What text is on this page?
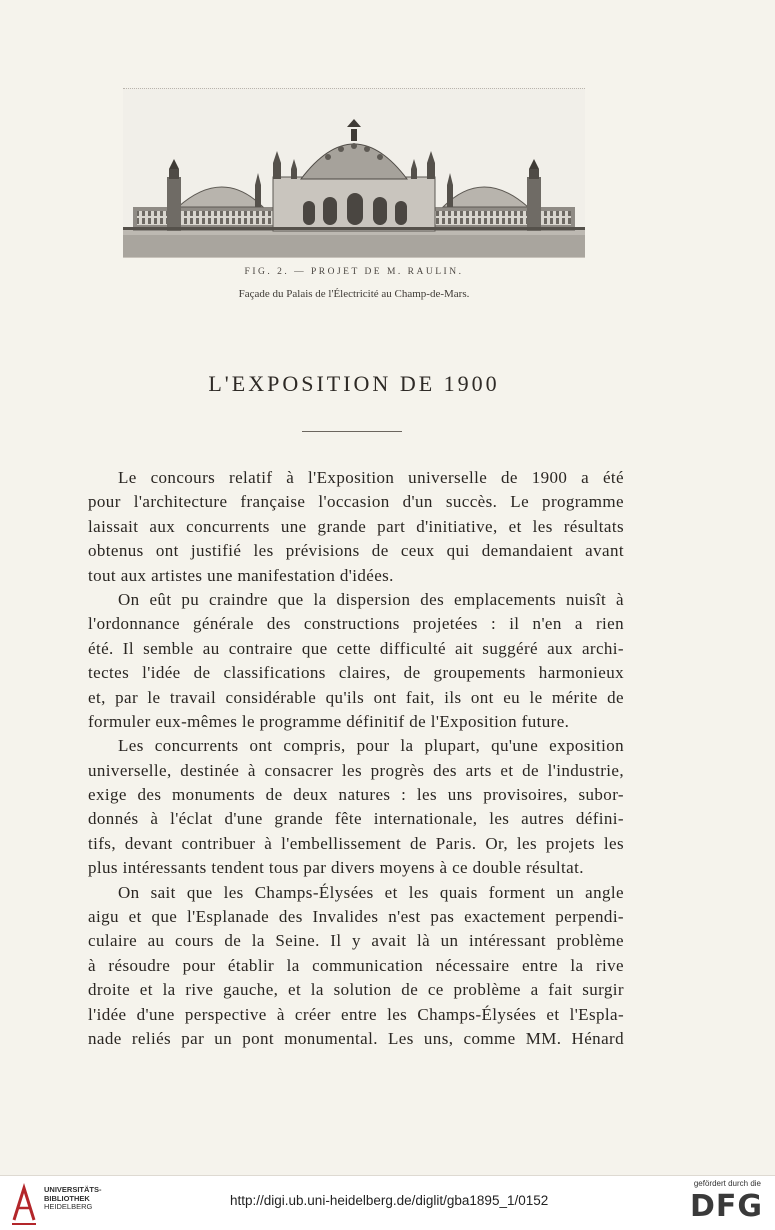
FIG. 2. — PROJET DE M. RAULIN.
Façade du Palais de l'Électricité au Champ-de-Mars.
L'EXPOSITION DE 1900
Le concours relatif à l'Exposition universelle de 1900 a été
pour l'architecture française l'occasion d'un succès. Le programme
laissait aux concurrents une grande part d'initiative, et les résultats
obtenus ont justifié les prévisions de ceux qui demandaient avant
tout aux artistes une manifestation d'idées.
On eût pu craindre que la dispersion des emplacements nuisît à
l'ordonnance générale des constructions projetées : il n'en a rien
été. Il semble au contraire que cette difficulté ait suggéré aux archi-
tectes l'idée de classifications claires, de groupements harmonieux
et, par le travail considérable qu'ils ont fait, ils ont eu le mérite de
formuler eux-mêmes le programme définitif de l'Exposition future.
Les concurrents ont compris, pour la plupart, qu'une exposition
universelle, destinée à consacrer les progrès des arts et de l'industrie,
exige des monuments de deux natures : les uns provisoires, subor-
donnés à l'éclat d'une grande fête internationale, les autres défini-
tifs, devant contribuer à l'embellissement de Paris. Or, les projets les
plus intéressants tendent tous par divers moyens à ce double résultat.
On sait que les Champs-Élysées et les quais forment un angle
aigu et que l'Esplanade des Invalides n'est pas exactement perpendi-
culaire au cours de la Seine. Il y avait là un intéressant problème
à résoudre pour établir la communication nécessaire entre la rive
droite et la rive gauche, et la solution de ce problème a fait surgir
l'idée d'une perspective à créer entre les Champs-Élysées et l'Espla-
nade reliés par un pont monumental. Les uns, comme MM. Hénard
UNIVERSITÄTS-
BIBLIOTHEK
HEIDELBERG	http://digi.ub.uni-heidelberg.de/diglit/gba1895_1/0152
gefördert durch die
DFG
